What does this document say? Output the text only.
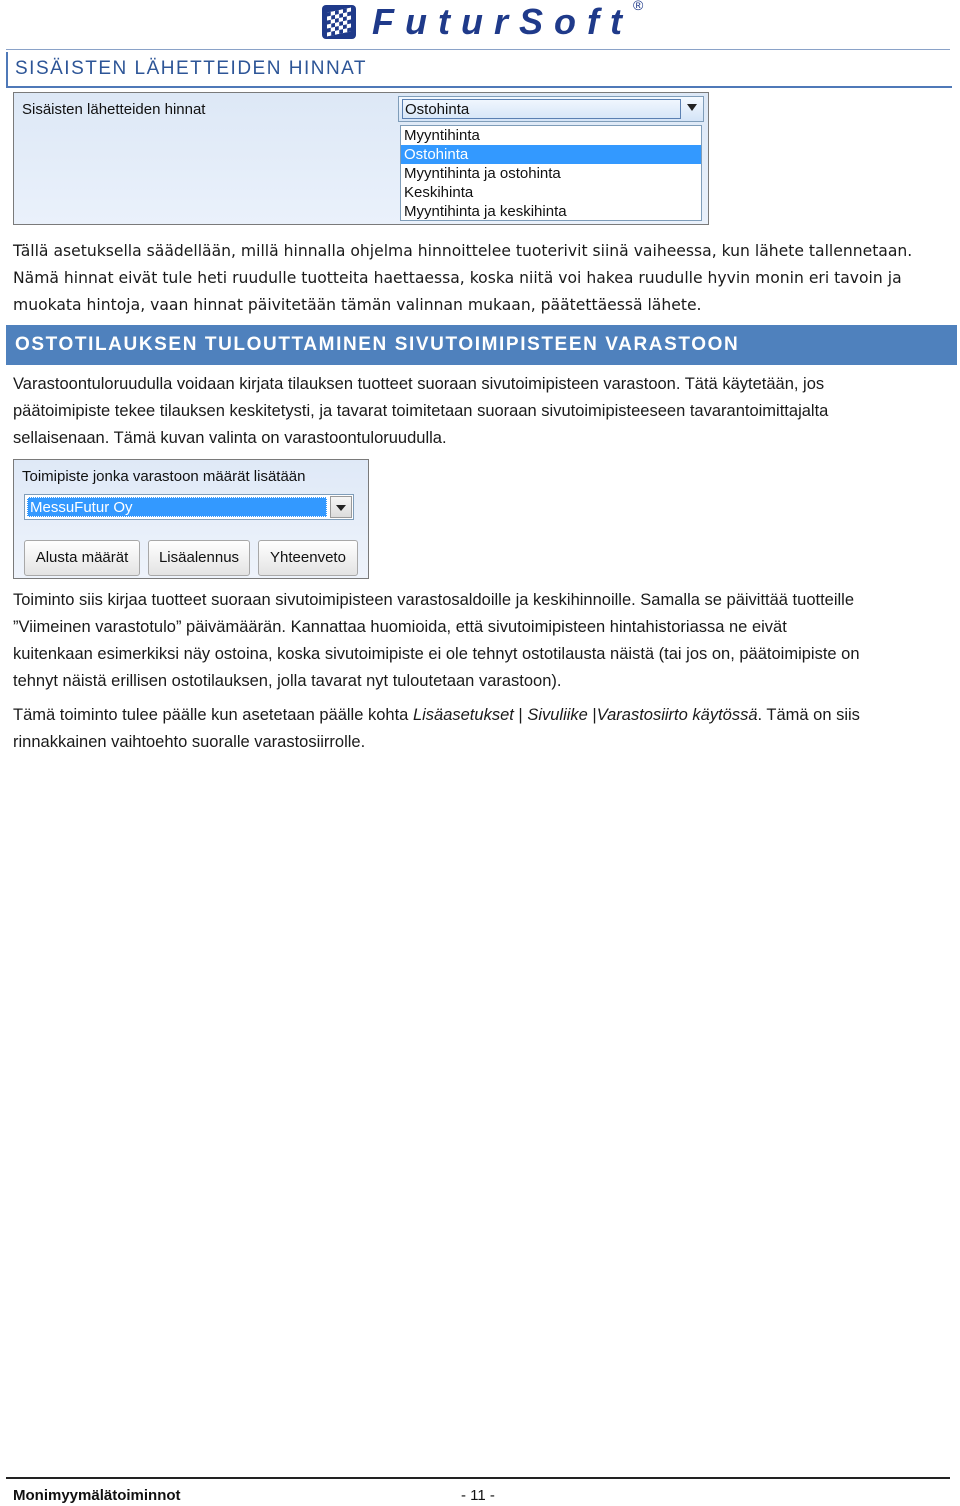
FuturSoft®
SISÄISTEN LÄHETTEIDEN HINNAT
Sisäisten lähetteiden hinnat	Ostohinta
Myyntihinta
Ostohinta
Myyntihinta ja ostohinta
Keskihinta
Myyntihinta ja keskihinta
Tällä asetuksella säädellään, millä hinnalla ohjelma hinnoittelee tuoterivit siinä vaiheessa, kun lähete tallennetaan.
Nämä hinnat eivät tule heti ruudulle tuotteita haettaessa, koska niitä voi hakea ruudulle hyvin monin eri tavoin ja
muokata hintoja, vaan hinnat päivitetään tämän valinnan mukaan, päätettäessä lähete.
OSTOTILAUKSEN TULOUTTAMINEN SIVUTOIMIPISTEEN VARASTOON
Varastoontuloruudulla voidaan kirjata tilauksen tuotteet suoraan sivutoimipisteen varastoon. Tätä käytetään, jos
päätoimipiste tekee tilauksen keskitetysti, ja tavarat toimitetaan suoraan sivutoimipisteeseen tavarantoimittajalta
sellaisenaan. Tämä kuvan valinta on varastoontuloruudulla.
Toimipiste jonka varastoon määrät lisätään
MessuFutur Oy
Alusta määrät	Lisäalennus	Yhteenveto
Toiminto siis kirjaa tuotteet suoraan sivutoimipisteen varastosaldoille ja keskihinnoille. Samalla se päivittää tuotteille
”Viimeinen varastotulo” päivämäärän. Kannattaa huomioida, että sivutoimipisteen hintahistoriassa ne eivät
kuitenkaan esimerkiksi näy ostoina, koska sivutoimipiste ei ole tehnyt ostotilausta näistä (tai jos on, päätoimipiste on
tehnyt näistä erillisen ostotilauksen, jolla tavarat nyt tuloutetaan varastoon).
Tämä toiminto tulee päälle kun asetetaan päälle kohta Lisäasetukset | Sivuliike |Varastosiirto käytössä. Tämä on siis
rinnakkainen vaihtoehto suoralle varastosiirrolle.
Monimyymälätoiminnot	- 11 -
